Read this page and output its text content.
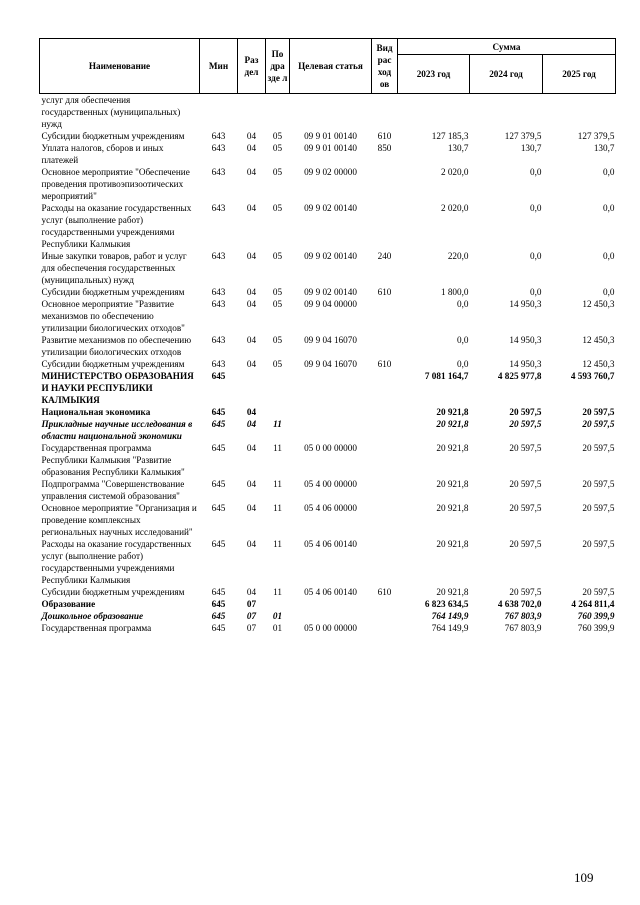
Наименование	Мин	Раз дел	По дра зде л	Целевая статья	Вид рас ход ов	Сумма		
						2023 год	2024 год	2025 год
услуг для обеспечения государственных (муниципальных) нужд								
Субсидии бюджетным учреждениям	643	04	05	09 9 01 00140	610	127 185,3	127 379,5	127 379,5
Уплата налогов, сборов и иных платежей	643	04	05	09 9 01 00140	850	130,7	130,7	130,7
Основное мероприятие "Обеспечение проведения противоэпизоотических мероприятий"	643	04	05	09 9 02 00000		2 020,0	0,0	0,0
Расходы на оказание государственных услуг (выполнение работ) государственными учреждениями Республики Калмыкия	643	04	05	09 9 02 00140		2 020,0	0,0	0,0
Иные закупки товаров, работ и услуг для обеспечения государственных (муниципальных) нужд	643	04	05	09 9 02 00140	240	220,0	0,0	0,0
Субсидии бюджетным учреждениям	643	04	05	09 9 02 00140	610	1 800,0	0,0	0,0
Основное мероприятие "Развитие механизмов по обеспечению утилизации биологических отходов"	643	04	05	09 9 04 00000		0,0	14 950,3	12 450,3
Развитие механизмов по обеспечению утилизации биологических отходов	643	04	05	09 9 04 16070		0,0	14 950,3	12 450,3
Субсидии бюджетным учреждениям	643	04	05	09 9 04 16070	610	0,0	14 950,3	12 450,3
МИНИСТЕРСТВО ОБРАЗОВАНИЯ И НАУКИ РЕСПУБЛИКИ КАЛМЫКИЯ	645					7 081 164,7	4 825 977,8	4 593 760,7
Национальная экономика	645	04				20 921,8	20 597,5	20 597,5
Прикладные научные исследования в области национальной экономики	645	04	11			20 921,8	20 597,5	20 597,5
Государственная программа Республики Калмыкия "Развитие образования Республики Калмыкия"	645	04	11	05 0 00 00000		20 921,8	20 597,5	20 597,5
Подпрограмма "Совершенствование управления системой образования"	645	04	11	05 4 00 00000		20 921,8	20 597,5	20 597,5
Основное мероприятие "Организация и проведение комплексных региональных научных исследований"	645	04	11	05 4 06 00000		20 921,8	20 597,5	20 597,5
Расходы на оказание государственных услуг (выполнение работ) государственными учреждениями Республики Калмыкия	645	04	11	05 4 06 00140		20 921,8	20 597,5	20 597,5
Субсидии бюджетным учреждениям	645	04	11	05 4 06 00140	610	20 921,8	20 597,5	20 597,5
Образование	645	07				6 823 634,5	4 638 702,0	4 264 811,4
Дошкольное образование	645	07	01			764 149,9	767 803,9	760 399,9
Государственная программа	645	07	01	05 0 00 00000		764 149,9	767 803,9	760 399,9
109
